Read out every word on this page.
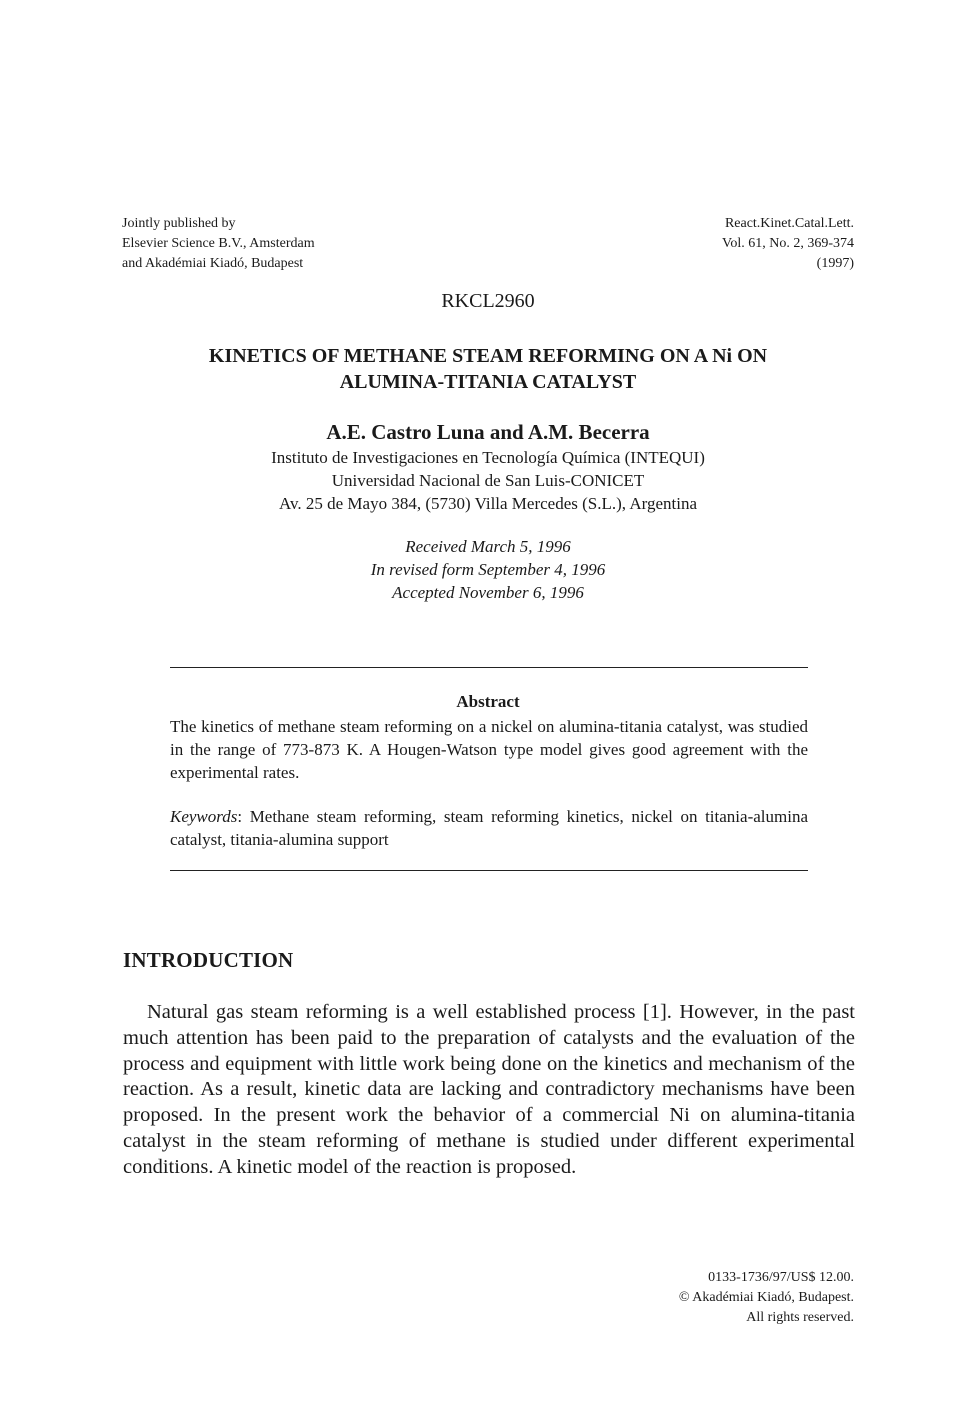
Jointly published by
Elsevier Science B.V., Amsterdam
and Akadémiai Kiadó, Budapest
React.Kinet.Catal.Lett.
Vol. 61, No. 2, 369-374
(1997)
RKCL2960
KINETICS OF METHANE STEAM REFORMING ON A Ni ON
ALUMINA-TITANIA CATALYST
A.E. Castro Luna and A.M. Becerra
Instituto de Investigaciones en Tecnología Química (INTEQUI)
Universidad Nacional de San Luis-CONICET
Av. 25 de Mayo 384, (5730) Villa Mercedes (S.L.), Argentina
Received March 5, 1996
In revised form September 4, 1996
Accepted November 6, 1996
Abstract
The kinetics of methane steam reforming on a nickel on alumina-titania catalyst, was studied in the range of 773-873 K. A Hougen-Watson type model gives good agreement with the experimental rates.
Keywords: Methane steam reforming, steam reforming kinetics, nickel on titania-alumina catalyst, titania-alumina support
INTRODUCTION
Natural gas steam reforming is a well established process [1]. However, in the past much attention has been paid to the preparation of catalysts and the evaluation of the process and equipment with little work being done on the kinetics and mechanism of the reaction. As a result, kinetic data are lacking and contradictory mechanisms have been proposed. In the present work the behavior of a commercial Ni on alumina-titania catalyst in the steam reforming of methane is studied under different experimental conditions. A kinetic model of the reaction is proposed.
0133-1736/97/US$ 12.00.
© Akadémiai Kiadó, Budapest.
All rights reserved.
